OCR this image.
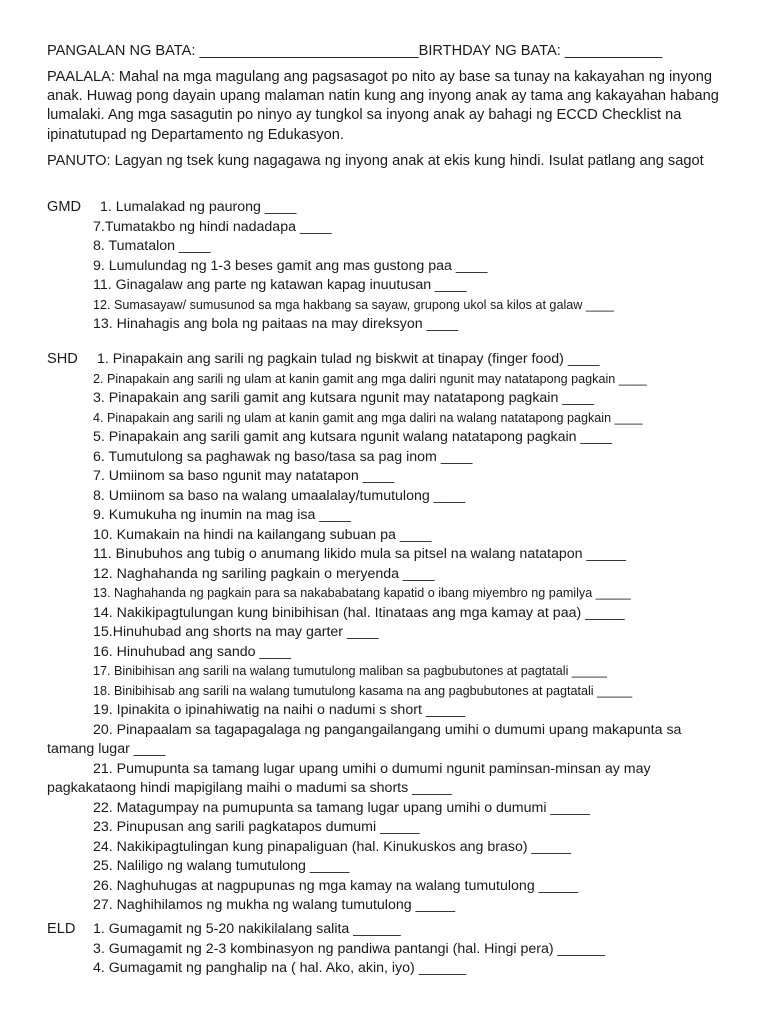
PANGALAN NG BATA: ___________________________BIRTHDAY NG BATA: ____________
PAALALA: Mahal na mga magulang ang pagsasagot po nito ay base sa tunay na kakayahan ng inyong anak. Huwag pong dayain upang malaman natin kung ang inyong anak ay tama ang kakayahan habang lumalaki. Ang mga sasagutin po ninyo ay tungkol sa inyong anak ay bahagi ng ECCD Checklist na ipinatutupad ng Departamento ng Edukasyon.
PANUTO: Lagyan ng tsek kung nagagawa ng inyong anak at ekis kung hindi. Isulat patlang ang sagot
GMD	1. Lumalakad ng paurong ____
7.Tumatakbo ng hindi nadadapa ____
8. Tumatalon ____
9. Lumulundag ng 1-3 beses gamit ang mas gustong paa ____
11. Ginagalaw ang parte ng katawan kapag inuutusan ____
12. Sumasayaw/ sumusunod sa mga hakbang sa sayaw, grupong ukol sa kilos at galaw ____
13. Hinahagis ang bola ng paitaas na may direksyon ____
SHD	1. Pinapakain ang sarili ng pagkain tulad ng biskwit at tinapay (finger food) ____
2. Pinapakain ang sarili ng ulam at kanin gamit ang mga daliri ngunit may natatapong pagkain ____
3. Pinapakain ang sarili gamit ang kutsara ngunit may natatapong pagkain ____
4. Pinapakain ang sarili ng ulam at kanin gamit ang mga daliri na walang natatapong pagkain ____
5. Pinapakain ang sarili gamit ang kutsara ngunit walang natatapong pagkain ____
6. Tumutulong sa paghawak ng baso/tasa sa pag inom ____
7. Umiinom sa baso ngunit may natatapon ____
8. Umiinom sa baso na walang umaalalay/tumutulong ____
9. Kumukuha ng inumin na mag isa ____
10. Kumakain na hindi na kailangang subuan pa ____
11. Binubuhos ang tubig o anumang likido mula sa pitsel na walang natatapon _____
12. Naghahanda ng sariling pagkain o meryenda ____
13. Naghahanda ng pagkain para sa nakababatang kapatid o ibang miyembro ng pamilya _____
14. Nakikipagtulungan kung binibihisan (hal. Itinataas ang mga kamay at paa) _____
15.Hinuhubad ang shorts na may garter ____
16. Hinuhubad ang sando ____
17. Binibihisan ang sarili na walang tumutulong maliban sa pagbubutones at pagtatali _____
18. Binibihisab ang sarili na walang tumutulong kasama na ang pagbubutones at pagtatali _____
19. Ipinakita o ipinahiwatig na naihi o nadumi s short _____
20. Pinapaalam sa tagapagalaga ng pangangailangang umihi o dumumi upang makapunta sa tamang lugar ____
21. Pumupunta sa tamang lugar upang umihi o dumumi ngunit paminsan-minsan ay may pagkakataong hindi mapigilang maihi o madumi sa shorts _____
22. Matagumpay na pumupunta sa tamang lugar upang umihi o dumumi _____
23. Pinupusan ang sarili pagkatapos dumumi _____
24. Nakikipagtulingan kung pinapaliguan (hal. Kinukuskos ang braso) _____
25. Naliligo ng walang tumutulong _____
26. Naghuhugas at nagpupunas ng mga kamay na walang tumutulong _____
27. Naghihilamos ng mukha ng walang tumutulong _____
ELD	1. Gumagamit ng 5-20 nakikilalang salita ______
3. Gumagamit ng 2-3 kombinasyon ng pandiwa pantangi (hal. Hingi pera) ______
4. Gumagamit ng panghalip na ( hal. Ako, akin, iyo) ______
